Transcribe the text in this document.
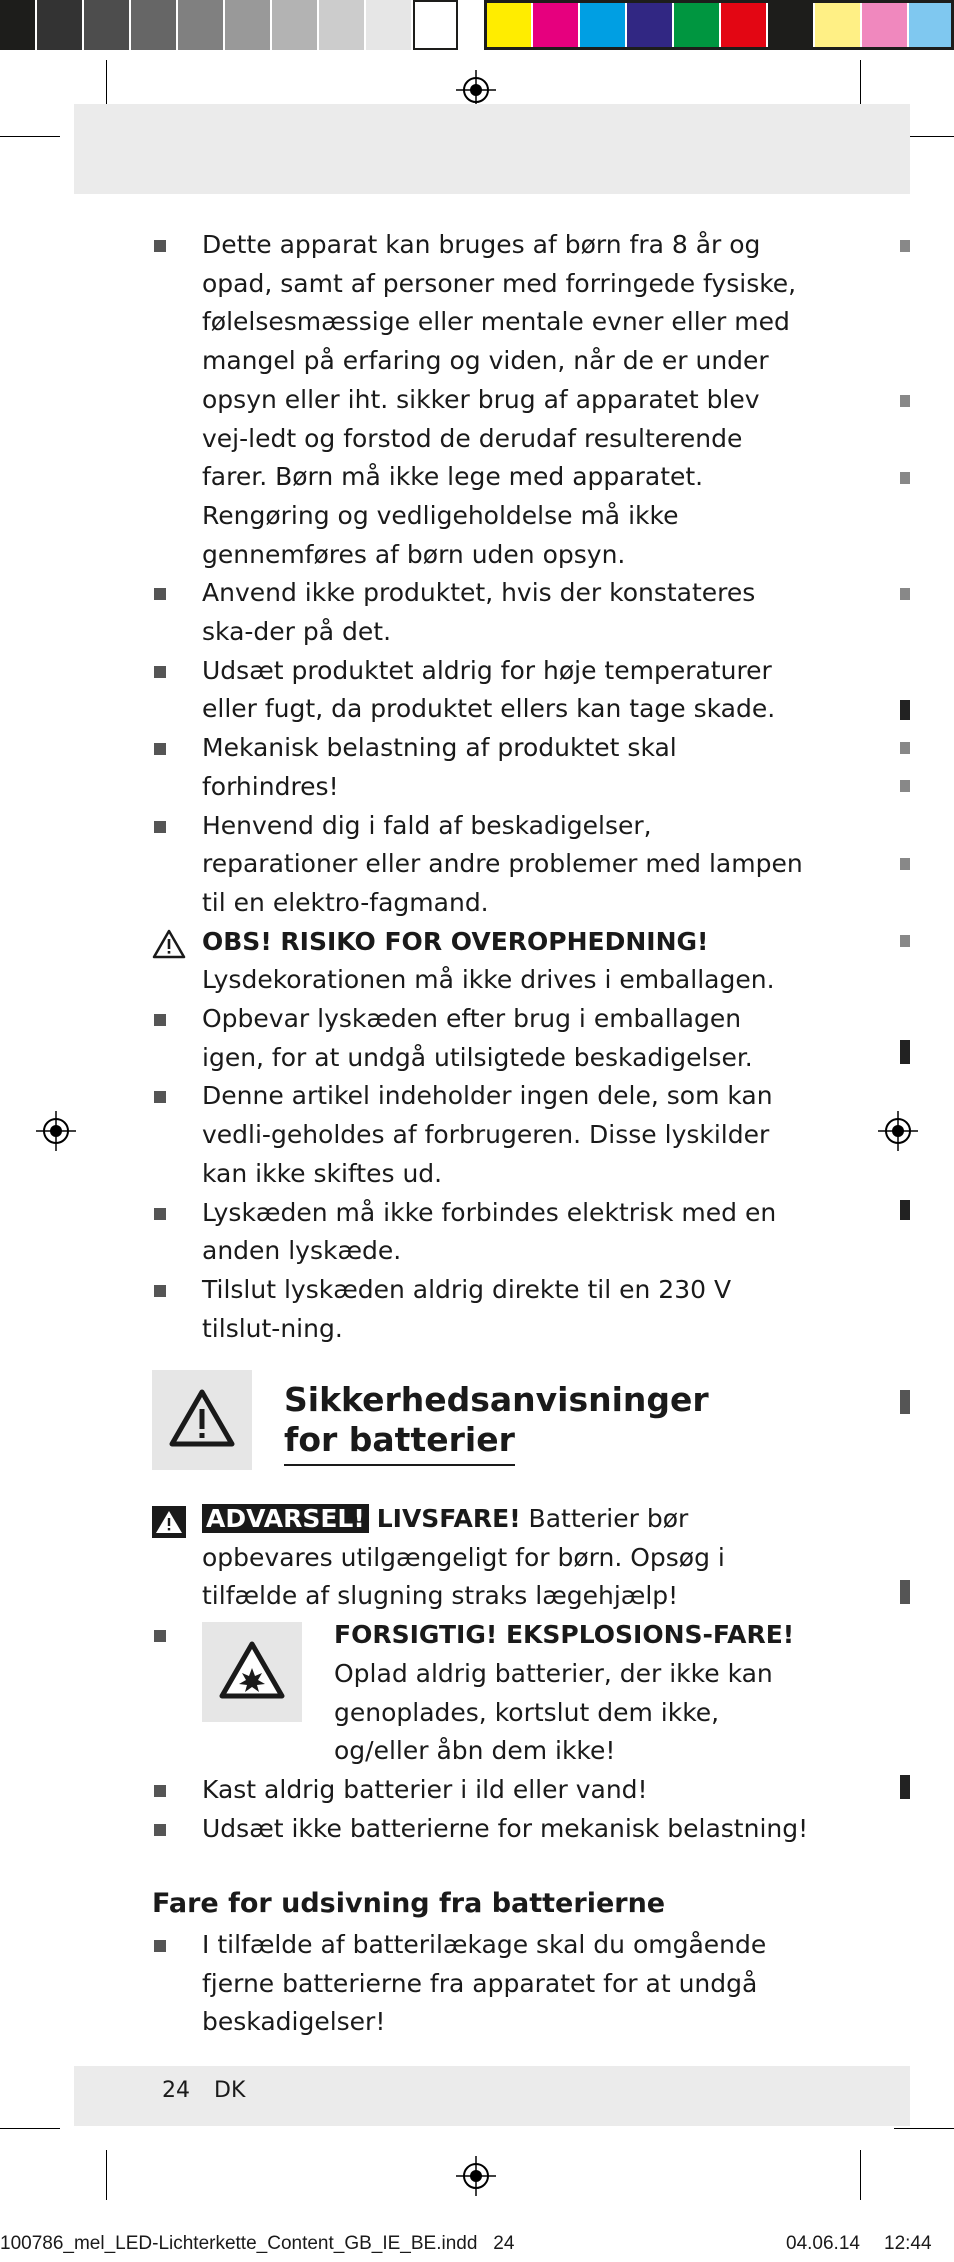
Dette apparat kan bruges af børn fra 8 år og opad, samt af personer med forringede fysiske, følelsesmæssige eller mentale evner eller med mangel på erfaring og viden, når de er under opsyn eller iht. sikker brug af apparatet blev vej-ledt og forstod de derudaf resulterende farer. Børn må ikke lege med apparatet. Rengøring og vedligeholdelse må ikke gennemføres af børn uden opsyn.
Anvend ikke produktet, hvis der konstateres ska-der på det.
Udsæt produktet aldrig for høje temperaturer eller fugt, da produktet ellers kan tage skade.
Mekanisk belastning af produktet skal forhindres!
Henvend dig i fald af beskadigelser, reparationer eller andre problemer med lampen til en elektro-fagmand.
OBS! RISIKO FOR OVEROPHEDNING!
Lysdekorationen må ikke drives i emballagen.
Opbevar lyskæden efter brug i emballagen igen, for at undgå utilsigtede beskadigelser.
Denne artikel indeholder ingen dele, som kan vedli-geholdes af forbrugeren. Disse lyskilder kan ikke skiftes ud.
Lyskæden må ikke forbindes elektrisk med en anden lyskæde.
Tilslut lyskæden aldrig direkte til en 230 V tilslut-ning.
Sikkerhedsanvisninger
for batterier
ADVARSEL! LIVSFARE! Batterier bør opbevares utilgængeligt for børn. Opsøg i tilfælde af slugning straks lægehjælp!
FORSIGTIG! EKSPLOSIONS-FARE! Oplad aldrig batterier, der ikke kan genoplades, kortslut dem ikke, og/eller åbn dem ikke!
Kast aldrig batterier i ild eller vand!
Udsæt ikke batterierne for mekanisk belastning!
Fare for udsivning fra batterierne
I tilfælde af batterilækage skal du omgående fjerne batterierne fra apparatet for at undgå beskadigelser!
24 DK
100786_mel_LED-Lichterkette_Content_GB_IE_BE.indd   24	04.06.14 12:44
